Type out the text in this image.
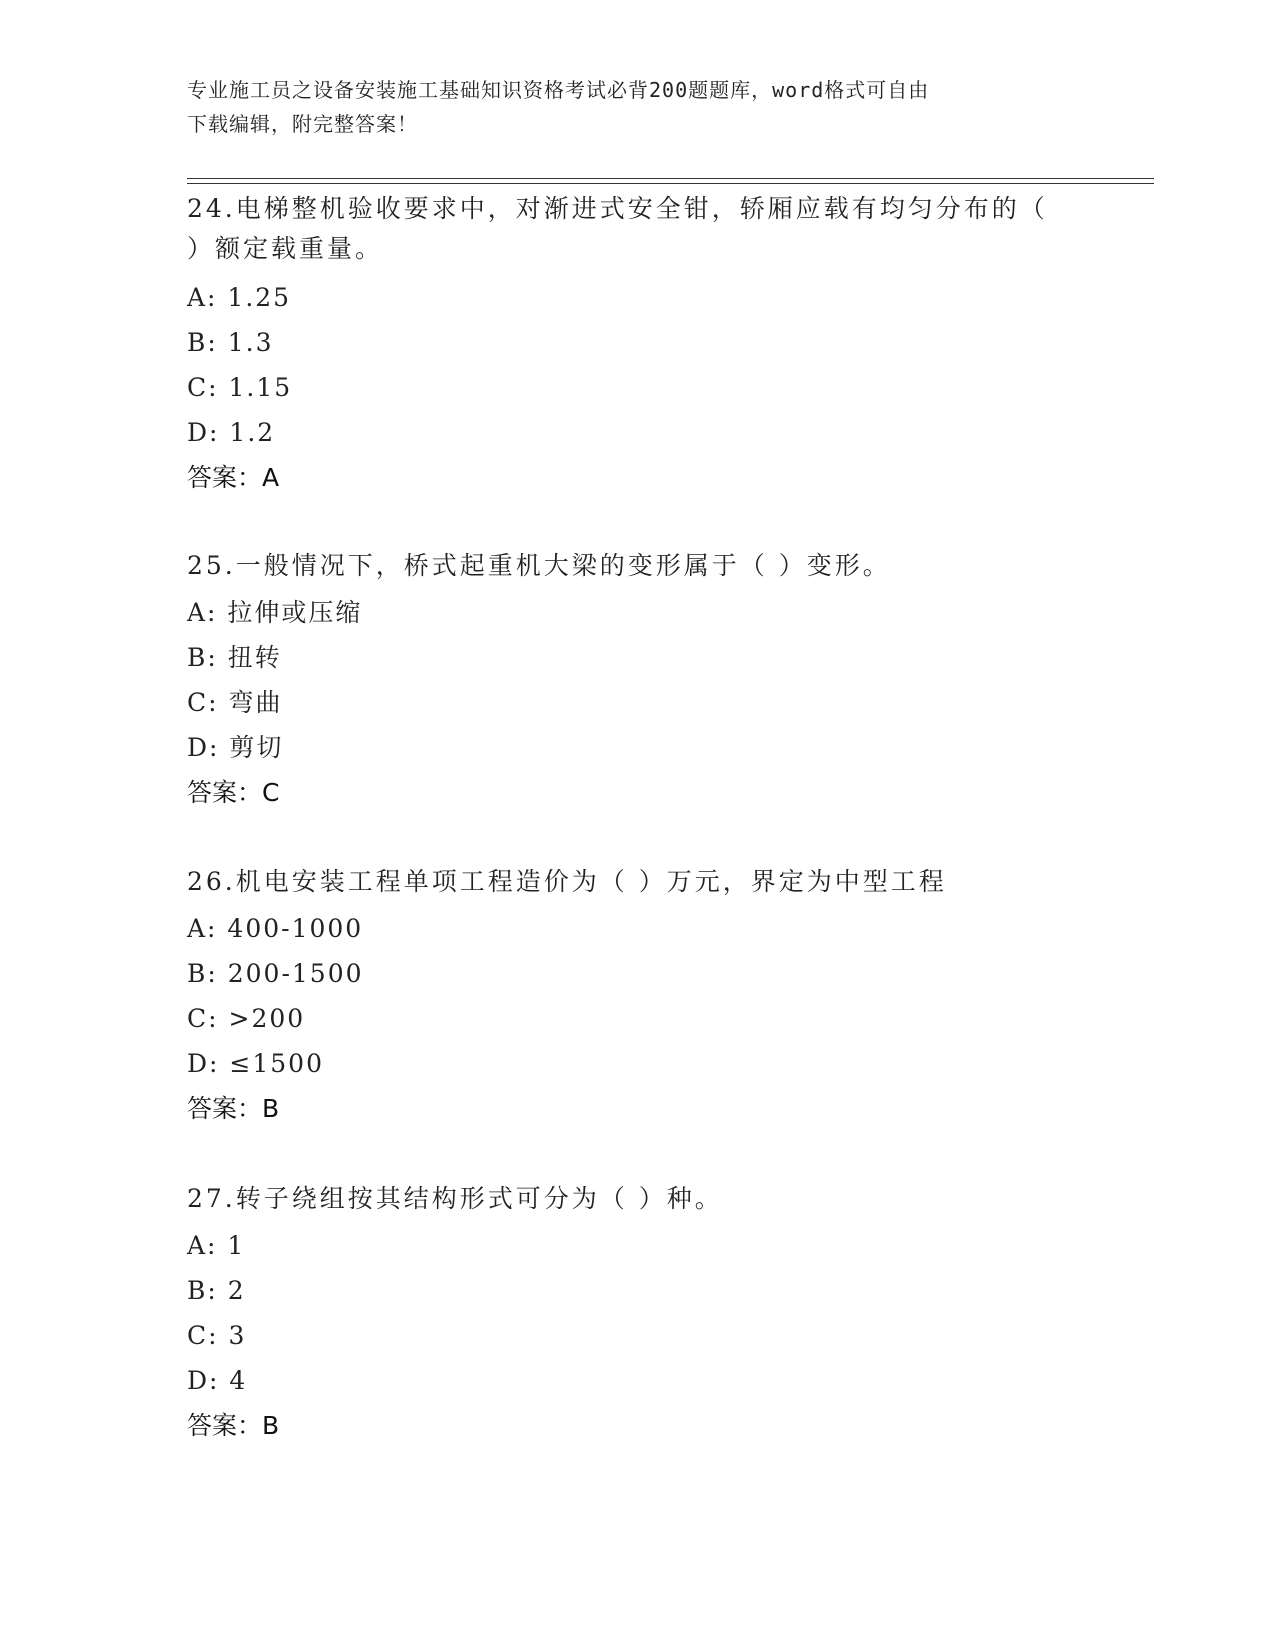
专业施工员之设备安装施工基础知识资格考试必背200题题库，word格式可自由
下载编辑，附完整答案！

24.电梯整机验收要求中，对渐进式安全钳，轿厢应载有均匀分布的（

）额定载重量。

A: 1.25

B: 1.3

C: 1.15

D: 1.2

答案：A

25.一般情况下，桥式起重机大梁的变形属于（ ）变形。

A: 拉伸或压缩

B: 扭转

C: 弯曲

D: 剪切

答案：C

26.机电安装工程单项工程造价为（ ）万元，界定为中型工程

A: 400-1000

B: 200-1500

C: >200

D: ≤1500

答案：B

27.转子绕组按其结构形式可分为（ ）种。

A: 1

B: 2

C: 3

D: 4

答案：B
